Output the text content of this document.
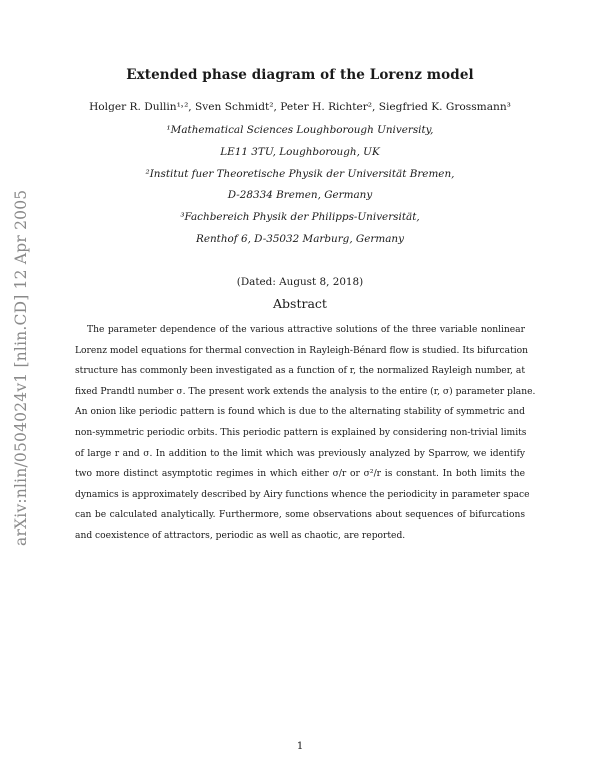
arXiv:nlin/0504024v1 [nlin.CD] 12 Apr 2005
Extended phase diagram of the Lorenz model
Holger R. Dullin¹˒², Sven Schmidt², Peter H. Richter², Siegfried K. Grossmann³
¹Mathematical Sciences Loughborough University,
LE11 3TU, Loughborough, UK
²Institut fuer Theoretische Physik der Universität Bremen,
D-28334 Bremen, Germany
³Fachbereich Physik der Philipps-Universität,
Renthof 6, D-35032 Marburg, Germany
(Dated: August 8, 2018)
Abstract
The parameter dependence of the various attractive solutions of the three variable nonlinear
Lorenz model equations for thermal convection in Rayleigh-Bénard flow is studied. Its bifurcation
structure has commonly been investigated as a function of r, the normalized Rayleigh number, at
fixed Prandtl number σ. The present work extends the analysis to the entire (r, σ) parameter plane.
An onion like periodic pattern is found which is due to the alternating stability of symmetric and
non-symmetric periodic orbits. This periodic pattern is explained by considering non-trivial limits
of large r and σ. In addition to the limit which was previously analyzed by Sparrow, we identify
two more distinct asymptotic regimes in which either σ/r or σ²/r is constant. In both limits the
dynamics is approximately described by Airy functions whence the periodicity in parameter space
can be calculated analytically. Furthermore, some observations about sequences of bifurcations
and coexistence of attractors, periodic as well as chaotic, are reported.
1
